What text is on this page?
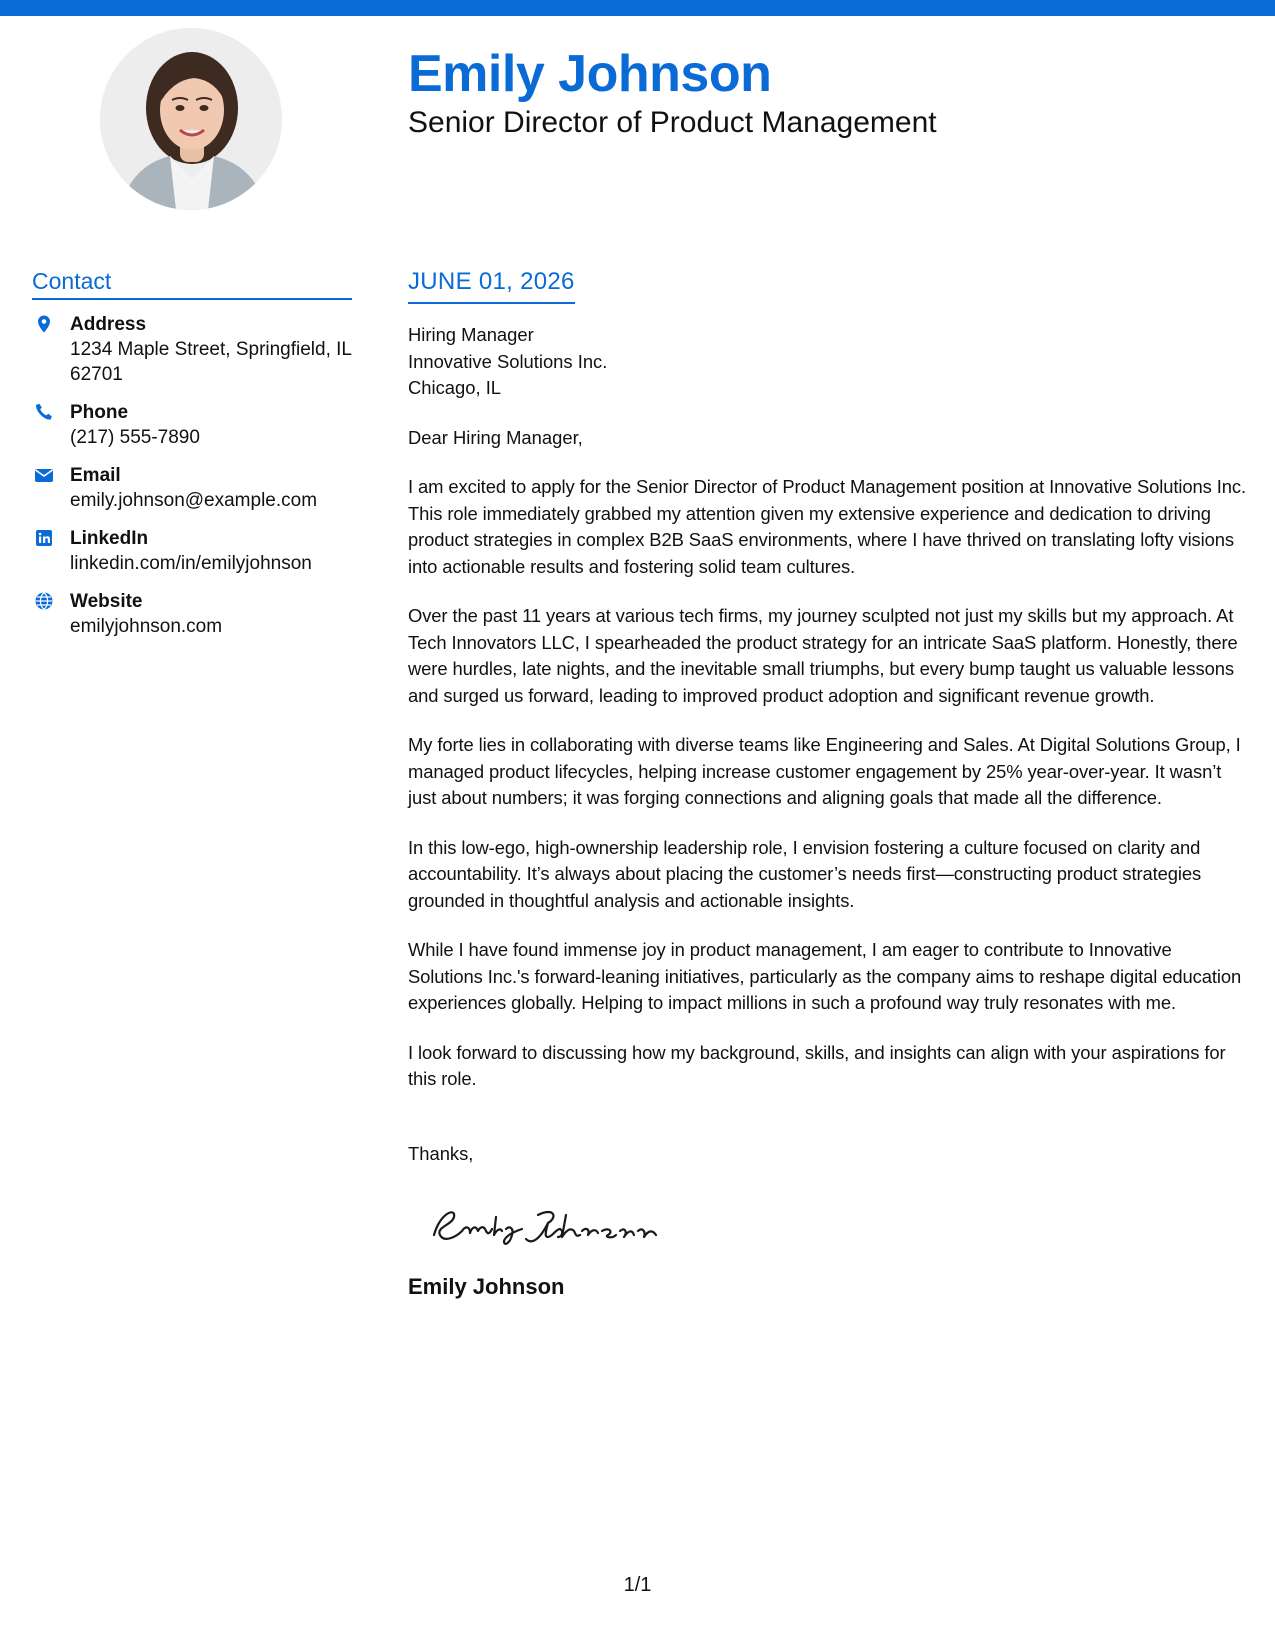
Emily Johnson
Senior Director of Product Management
Contact
Address
1234 Maple Street, Springfield, IL 62701
Phone
(217) 555-7890
Email
emily.johnson@example.com
LinkedIn
linkedin.com/in/emilyjohnson
Website
emilyjohnson.com
JUNE 01, 2026
Hiring Manager
Innovative Solutions Inc.
Chicago, IL

Dear Hiring Manager,

I am excited to apply for the Senior Director of Product Management position at Innovative Solutions Inc. This role immediately grabbed my attention given my extensive experience and dedication to driving product strategies in complex B2B SaaS environments, where I have thrived on translating lofty visions into actionable results and fostering solid team cultures.

Over the past 11 years at various tech firms, my journey sculpted not just my skills but my approach. At Tech Innovators LLC, I spearheaded the product strategy for an intricate SaaS platform. Honestly, there were hurdles, late nights, and the inevitable small triumphs, but every bump taught us valuable lessons and surged us forward, leading to improved product adoption and significant revenue growth.

My forte lies in collaborating with diverse teams like Engineering and Sales. At Digital Solutions Group, I managed product lifecycles, helping increase customer engagement by 25% year-over-year. It wasn’t just about numbers; it was forging connections and aligning goals that made all the difference.

In this low-ego, high-ownership leadership role, I envision fostering a culture focused on clarity and accountability. It’s always about placing the customer’s needs first—constructing product strategies grounded in thoughtful analysis and actionable insights.

While I have found immense joy in product management, I am eager to contribute to Innovative Solutions Inc.'s forward-leaning initiatives, particularly as the company aims to reshape digital education experiences globally. Helping to impact millions in such a profound way truly resonates with me.

I look forward to discussing how my background, skills, and insights can align with your aspirations for this role.

Thanks,

Emily Johnson

1/1
